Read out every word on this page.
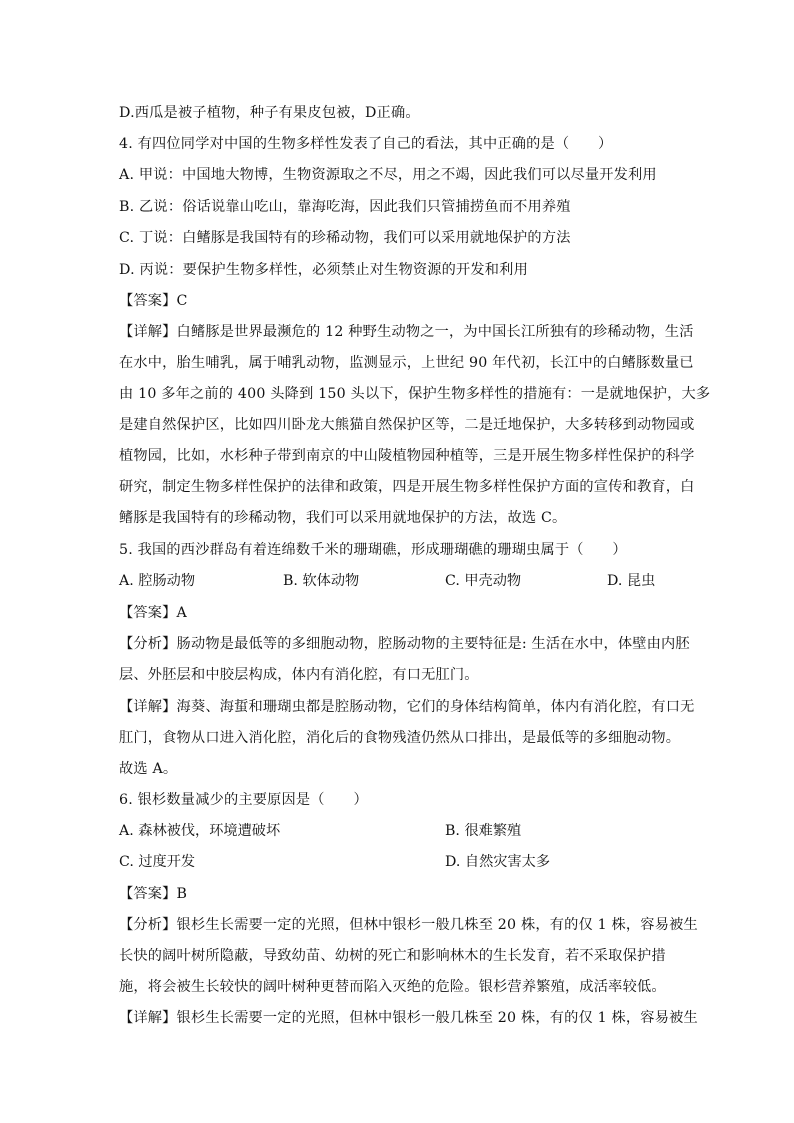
D.西瓜是被子植物，种子有果皮包被，D正确。
4. 有四位同学对中国的生物多样性发表了自己的看法，其中正确的是（　　）
A. 甲说：中国地大物博，生物资源取之不尽，用之不竭，因此我们可以尽量开发利用
B. 乙说：俗话说靠山吃山，靠海吃海，因此我们只管捕捞鱼而不用养殖
C. 丁说：白鳍豚是我国特有的珍稀动物，我们可以采用就地保护的方法
D. 丙说：要保护生物多样性，必须禁止对生物资源的开发和利用
【答案】C
【详解】白鳍豚是世界最濒危的 12 种野生动物之一，为中国长江所独有的珍稀动物，生活
在水中，胎生哺乳，属于哺乳动物，监测显示，上世纪 90 年代初，长江中的白鳍豚数量已
由 10 多年之前的 400 头降到 150 头以下，保护生物多样性的措施有：一是就地保护，大多
是建自然保护区，比如四川卧龙大熊猫自然保护区等，二是迁地保护，大多转移到动物园或
植物园，比如，水杉种子带到南京的中山陵植物园种植等，三是开展生物多样性保护的科学
研究，制定生物多样性保护的法律和政策，四是开展生物多样性保护方面的宣传和教育，白
鳍豚是我国特有的珍稀动物，我们可以采用就地保护的方法，故选 C。
5. 我国的西沙群岛有着连绵数千米的珊瑚礁，形成珊瑚礁的珊瑚虫属于（　　）
A. 腔肠动物	B. 软体动物	C. 甲壳动物	D. 昆虫
【答案】A
【分析】肠动物是最低等的多细胞动物，腔肠动物的主要特征是: 生活在水中，体壁由内胚
层、外胚层和中胶层构成，体内有消化腔，有口无肛门。
【详解】海葵、海蜇和珊瑚虫都是腔肠动物，它们的身体结构简单，体内有消化腔，有口无
肛门，食物从口进入消化腔，消化后的食物残渣仍然从口排出，是最低等的多细胞动物。
故选 A。
6. 银杉数量减少的主要原因是（　　）
A. 森林被伐，环境遭破坏	B. 很难繁殖
C. 过度开发	D. 自然灾害太多
【答案】B
【分析】银杉生长需要一定的光照，但林中银杉一般几株至 20 株，有的仅 1 株，容易被生
长快的阔叶树所隐蔽，导致幼苗、幼树的死亡和影响林木的生长发育，若不采取保护措
施，将会被生长较快的阔叶树种更替而陷入灭绝的危险。银杉营养繁殖，成活率较低。
【详解】银杉生长需要一定的光照，但林中银杉一般几株至 20 株，有的仅 1 株，容易被生
